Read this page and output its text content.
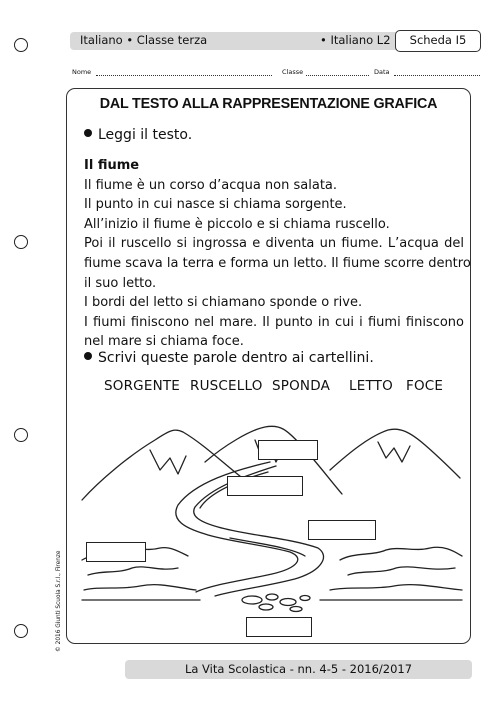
Italiano • Classe terza	• Italiano L2	Scheda I5
Nome	Classe	Data
DAL TESTO ALLA RAPPRESENTAZIONE GRAFICA
Leggi il testo.
Il fiume
Il fiume è un corso d’acqua non salata.
Il punto in cui nasce si chiama sorgente.
All’inizio il fiume è piccolo e si chiama ruscello.
Poi il ruscello si ingrossa e diventa un fiume. L’acqua del
fiume scava la terra e forma un letto. Il fiume scorre dentro
il suo letto.
I bordi del letto si chiamano sponde o rive.
I fiumi finiscono nel mare. Il punto in cui i fiumi finiscono
nel mare si chiama foce.
Scrivi queste parole dentro ai cartellini.
SORGENTE RUSCELLO SPONDA LETTO FOCE
© 2016 Giunti Scuola S.r.l., Firenze
La Vita Scolastica - nn. 4-5 - 2016/2017
